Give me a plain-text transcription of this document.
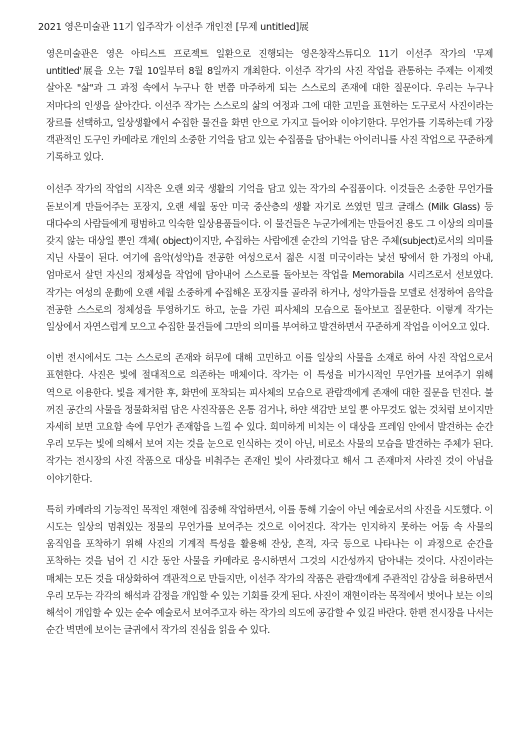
2021 영은미술관 11기 입주작가 이선주 개인전 [무제 untitled]展
영은미술관은 영은 아티스트 프로젝트 일환으로 진행되는 영은창작스튜디오 11기 이선주 작가의 '무제 untitled'展을 오는 7월 10일부터 8월 8일까지 개최한다. 이선주 작가의 사진 작업을 관통하는 주제는 이제껏 살아온 "삶"과 그 과정 속에서 누구나 한 번쯤 마주하게 되는 스스로의 존재에 대한 질문이다. 우리는 누구나 저마다의 인생을 살아간다. 이선주 작가는 스스로의 삶의 여정과 그에 대한 고민을 표현하는 도구로서 사진이라는 장르를 선택하고, 일상생활에서 수집한 물건을 화면 안으로 가지고 들어와 이야기한다. 무언가를 기록하는데 가장 객관적인 도구인 카메라로 개인의 소중한 기억을 담고 있는 수집품을 담아내는 아이러니를 사진 작업으로 꾸준하게 기록하고 있다.
이선주 작가의 작업의 시작은 오랜 외국 생활의 기억을 담고 있는 작가의 수집품이다. 이것들은 소중한 무언가를 돋보이게 만들어주는 포장지, 오랜 세월 동안 미국 중산층의 생활 자기로 쓰였던 밀크 글래스 (Milk Glass) 등 대다수의 사람들에게 평범하고 익숙한 일상용품들이다. 이 물건들은 누군가에게는 만들어진 용도 그 이상의 의미를 갖지 않는 대상일 뿐인 객체( object)이지만, 수집하는 사람에겐 순간의 기억을 담은 주체(subject)로서의 의미를 지닌 사물이 된다. 여기에 음악(성악)을 전공한 여성으로서 젊은 시절 미국이라는 낯선 땅에서 한 가정의 아내, 엄마로서 살던 자신의 정체성을 작업에 담아내어 스스로를 돌아보는 작업을 Memorabila 시리즈로서 선보였다. 작가는 여성의 운動에 오랜 세월 소중하게 수집해온 포장지를 골라쥐 하거나, 성악가들을 모델로 선정하여 음악을 전공한 스스로의 정체성을 투영하기도 하고, 눈을 가린 피사체의 모습으로 돌아보고 질문한다. 이렇게 작가는 일상에서 자연스럽게 모으고 수집한 물건들에 그만의 의미를 부여하고 발견하면서 꾸준하게 작업을 이어오고 있다.
이번 전시에서도 그는 스스로의 존재와 허무에 대해 고민하고 이를 일상의 사물을 소재로 하여 사진 작업으로서 표현한다. 사진은 빛에 절대적으로 의존하는 매체이다. 작가는 이 특성을 비가시적인 무언가를 보여주기 위해 역으로 이용한다. 빛을 제거한 후, 화면에 포착되는 피사체의 모습으로 관람객에게 존재에 대한 질문을 던진다. 불 꺼진 공간의 사물을 정물화처럼 담은 사진작품은 온통 검거나, 하얀 색감만 보일 뿐 아무것도 없는 것처럼 보이지만 자세히 보면 고요함 속에 무언가 존재함을 느낄 수 있다. 희미하게 비치는 이 대상을 프레임 안에서 발견하는 순간 우리 모두는 빛에 의해서 보여 지는 것을 눈으로 인식하는 것이 아닌, 비로소 사물의 모습을 발견하는 주체가 된다. 작가는 전시장의 사진 작품으로 대상을 비춰주는 존재인 빛이 사라졌다고 해서 그 존재마저 사라진 것이 아님을 이야기한다.
특히 카메라의 기능적인 목적인 재현에 집중해 작업하면서, 이를 통해 기술이 아닌 예술로서의 사진을 시도했다. 이 시도는 일상의 멈춰있는 정물의 무언가를 보여주는 것으로 이어진다. 작가는 인지하지 못하는 어둠 속 사물의 움직임을 포착하기 위해 사진의 기계적 특성을 활용해 잔상, 흔적, 자국 등으로 나타나는 이 과정으로 순간을 포착하는 것을 넘어 긴 시간 동안 사물을 카메라로 응시하면서 그것의 시간성까지 담아내는 것이다. 사진이라는 매체는 모든 것을 대상화하여 객관적으로 만들지만, 이선주 작가의 작품은 관람객에게 주관적인 감상을 허용하면서 우리 모두는 각각의 해석과 감정을 개입할 수 있는 기회를 갖게 된다. 사진이 재현이라는 목적에서 벗어나 보는 이의 해석이 개입할 수 있는 순수 예술로서 보여주고자 하는 작가의 의도에 공감할 수 있길 바란다. 한편 전시장을 나서는 순간 벽면에 보이는 글귀에서 작가의 진심을 읽을 수 있다.
